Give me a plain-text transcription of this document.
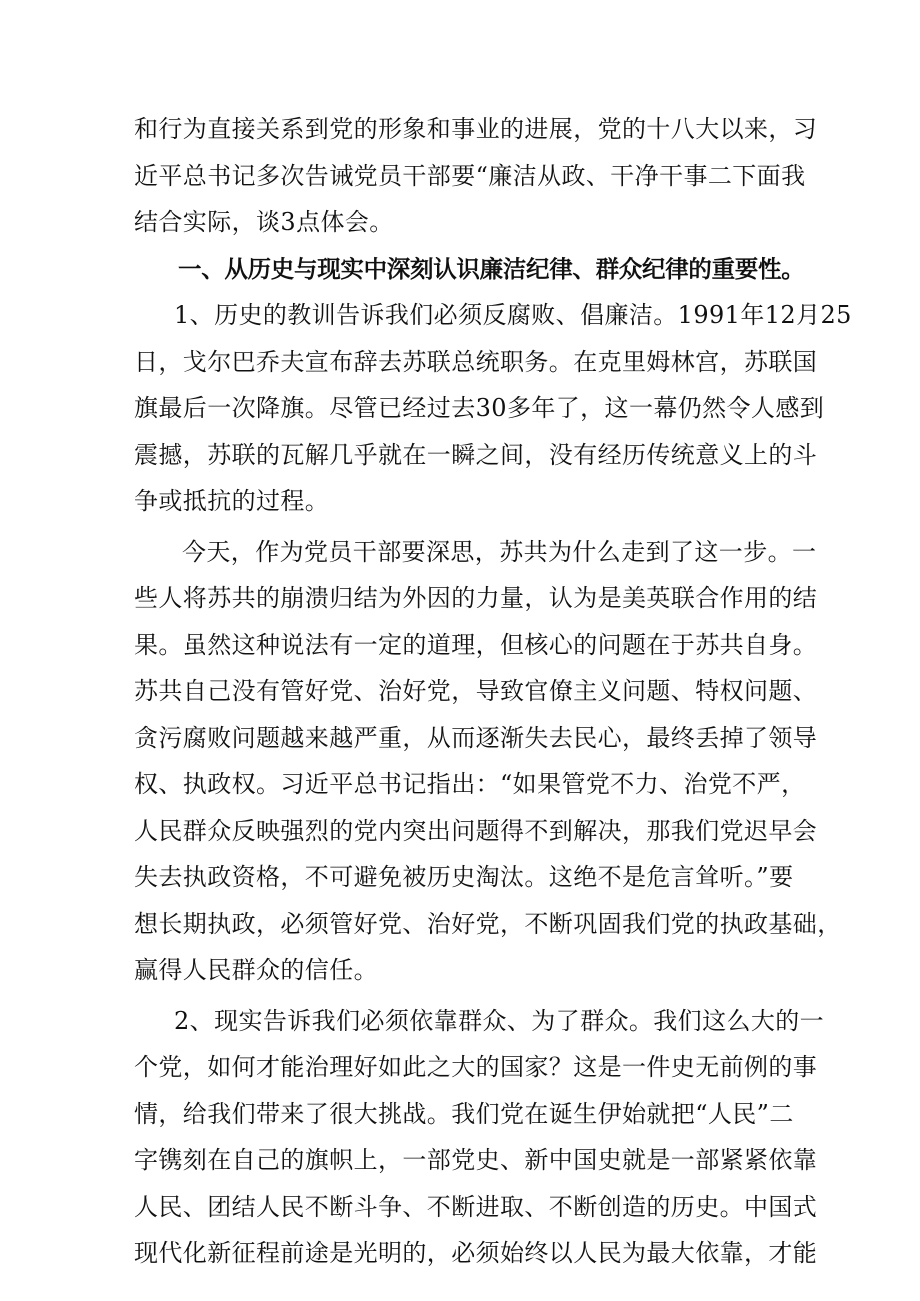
和行为直接关系到党的形象和事业的进展，党的十八大以来，习
近平总书记多次告诫党员干部要“廉洁从政、干净干事二下面我
结合实际，谈3点体会。
一、从历史与现实中深刻认识廉洁纪律、群众纪律的重要性。
1、历史的教训告诉我们必须反腐败、倡廉洁。1991年12月25
日，戈尔巴乔夫宣布辞去苏联总统职务。在克里姆林宫，苏联国
旗最后一次降旗。尽管已经过去30多年了，这一幕仍然令人感到
震撼，苏联的瓦解几乎就在一瞬之间，没有经历传统意义上的斗
争或抵抗的过程。
今天，作为党员干部要深思，苏共为什么走到了这一步。一
些人将苏共的崩溃归结为外因的力量，认为是美英联合作用的结
果。虽然这种说法有一定的道理，但核心的问题在于苏共自身。
苏共自己没有管好党、治好党，导致官僚主义问题、特权问题、
贪污腐败问题越来越严重，从而逐渐失去民心，最终丢掉了领导
权、执政权。习近平总书记指出：“如果管党不力、治党不严，
人民群众反映强烈的党内突出问题得不到解决，那我们党迟早会
失去执政资格，不可避免被历史淘汰。这绝不是危言耸听。”要
想长期执政，必须管好党、治好党，不断巩固我们党的执政基础，
赢得人民群众的信任。
2、现实告诉我们必须依靠群众、为了群众。我们这么大的一
个党，如何才能治理好如此之大的国家？这是一件史无前例的事
情，给我们带来了很大挑战。我们党在诞生伊始就把“人民”二
字镌刻在自己的旗帜上，一部党史、新中国史就是一部紧紧依靠
人民、团结人民不断斗争、不断进取、不断创造的历史。中国式
现代化新征程前途是光明的，必须始终以人民为最大依靠，才能
